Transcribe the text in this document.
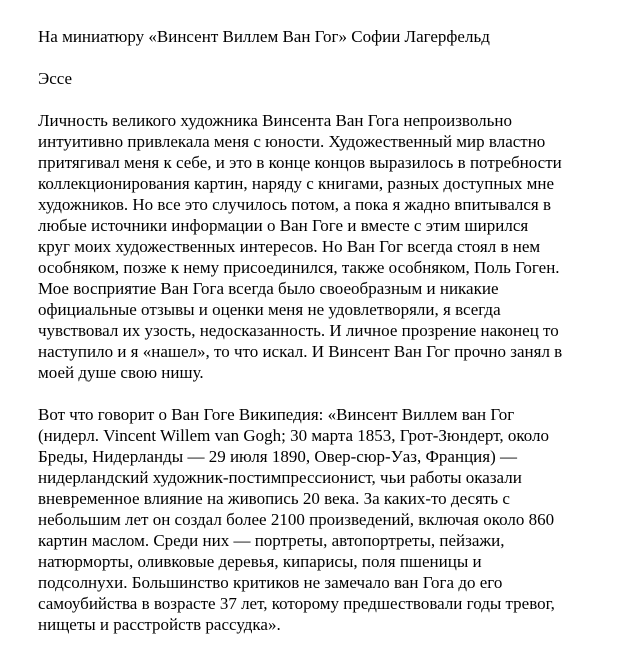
На миниатюру «Винсент Виллем Ван Гог» Софии Лагерфельд

Эссе

Личность великого художника Винсента Ван Гога непроизвольно
интуитивно привлекала меня с юности. Художественный мир властно
притягивал меня к себе, и это в конце концов выразилось в потребности
коллекционирования картин, наряду с книгами, разных доступных мне
художников. Но все это случилось потом, а пока я жадно впитывался в
любые источники информации о Ван Гоге и вместе с этим ширился
круг моих художественных интересов. Но Ван Гог всегда стоял в нем
особняком, позже к нему присоединился, также особняком, Поль Гоген.
Мое восприятие Ван Гога всегда было своеобразным и никакие
официальные отзывы и оценки меня не удовлетворяли, я всегда
чувствовал их узость, недосказанность. И личное прозрение наконец то
наступило и я «нашел», то что искал. И Винсент Ван Гог прочно занял в
моей душе свою нишу.

Вот что говорит о Ван Гоге Википедия: «Винсент Виллем ван Гог
(нидерл. Vincent Willem van Gogh; 30 марта 1853, Грот-Зюндерт, около
Бреды, Нидерланды — 29 июля 1890, Овер-сюр-Уаз, Франция) —
нидерландский художник-постимпрессионист, чьи работы оказали
вневременное влияние на живопись 20 века. За каких-то десять с
небольшим лет он создал более 2100 произведений, включая около 860
картин маслом. Среди них — портреты, автопортреты, пейзажи,
натюрморты, оливковые деревья, кипарисы, поля пшеницы и
подсолнухи. Большинство критиков не замечало ван Гога до его
самоубийства в возрасте 37 лет, которому предшествовали годы тревог,
нищеты и расстройств рассудка».
